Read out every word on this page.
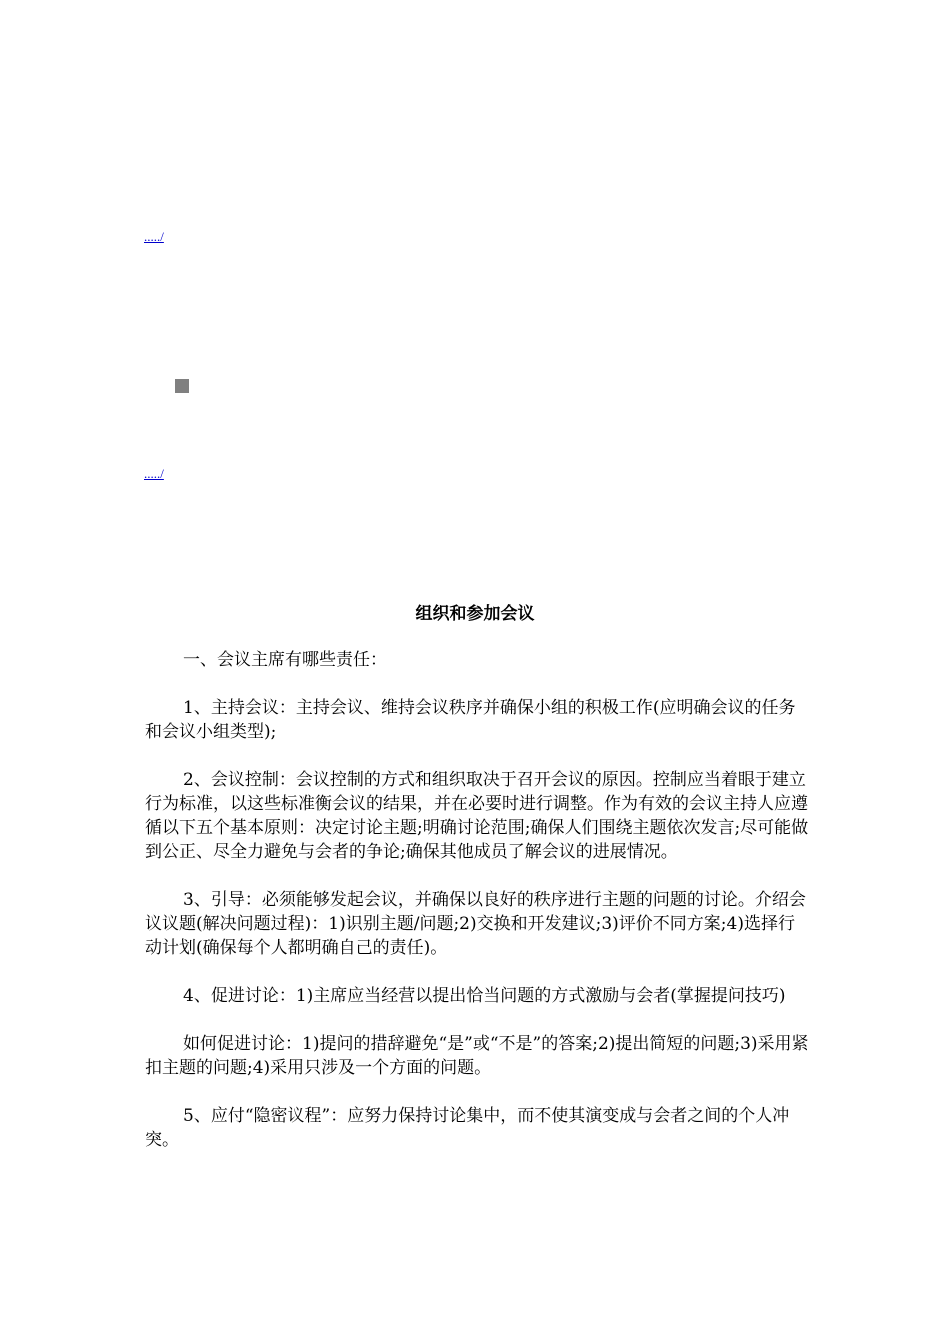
...../
...../
组织和参加会议

一、会议主席有哪些责任：

1、主持会议：主持会议、维持会议秩序并确保小组的积极工作(应明确会议的任务和会议小组类型);

2、会议控制：会议控制的方式和组织取决于召开会议的原因。控制应当着眼于建立行为标准，以这些标准衡会议的结果，并在必要时进行调整。作为有效的会议主持人应遵循以下五个基本原则：决定讨论主题;明确讨论范围;确保人们围绕主题依次发言;尽可能做到公正、尽全力避免与会者的争论;确保其他成员了解会议的进展情况。

3、引导：必须能够发起会议，并确保以良好的秩序进行主题的问题的讨论。介绍会议议题(解决问题过程)：1)识别主题/问题;2)交换和开发建议;3)评价不同方案;4)选择行动计划(确保每个人都明确自己的责任)。

4、促进讨论：1)主席应当经营以提出恰当问题的方式激励与会者(掌握提问技巧)

如何促进讨论：1)提问的措辞避免“是”或“不是”的答案;2)提出简短的问题;3)采用紧扣主题的问题;4)采用只涉及一个方面的问题。

5、应付“隐密议程”：应努力保持讨论集中，而不使其演变成与会者之间的个人冲突。
